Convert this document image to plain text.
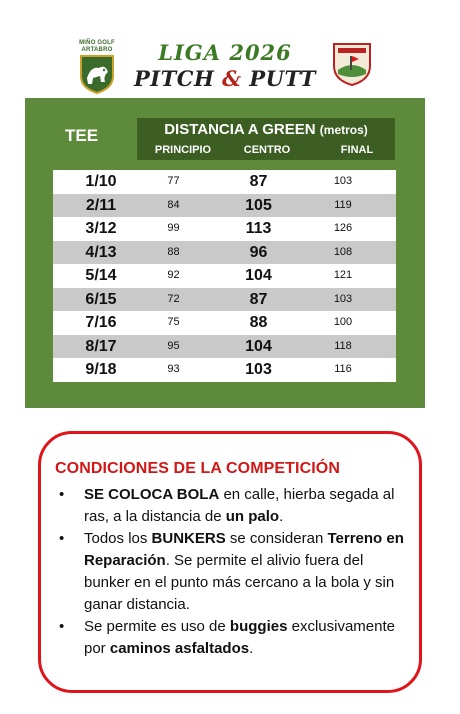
MIÑO GOLF ARTABRO	LIGA 2026
PITCH & PUTT
TEE	DISTANCIA A GREEN (metros)
PRINCIPIO	CENTRO	FINAL
1/10	77	87	103
2/11	84	105	119
3/12	99	113	126
4/13	88	96	108
5/14	92	104	121
6/15	72	87	103
7/16	75	88	100
8/17	95	104	118
9/18	93	103	116
CONDICIONES DE LA COMPETICIÓN
• SE COLOCA BOLA en calle, hierba segada al ras, a la distancia de un palo.
• Todos los BUNKERS se consideran Terreno en Reparación. Se permite el alivio fuera del bunker en el punto más cercano a la bola y sin ganar distancia.
• Se permite es uso de buggies exclusivamente por caminos asfaltados.
